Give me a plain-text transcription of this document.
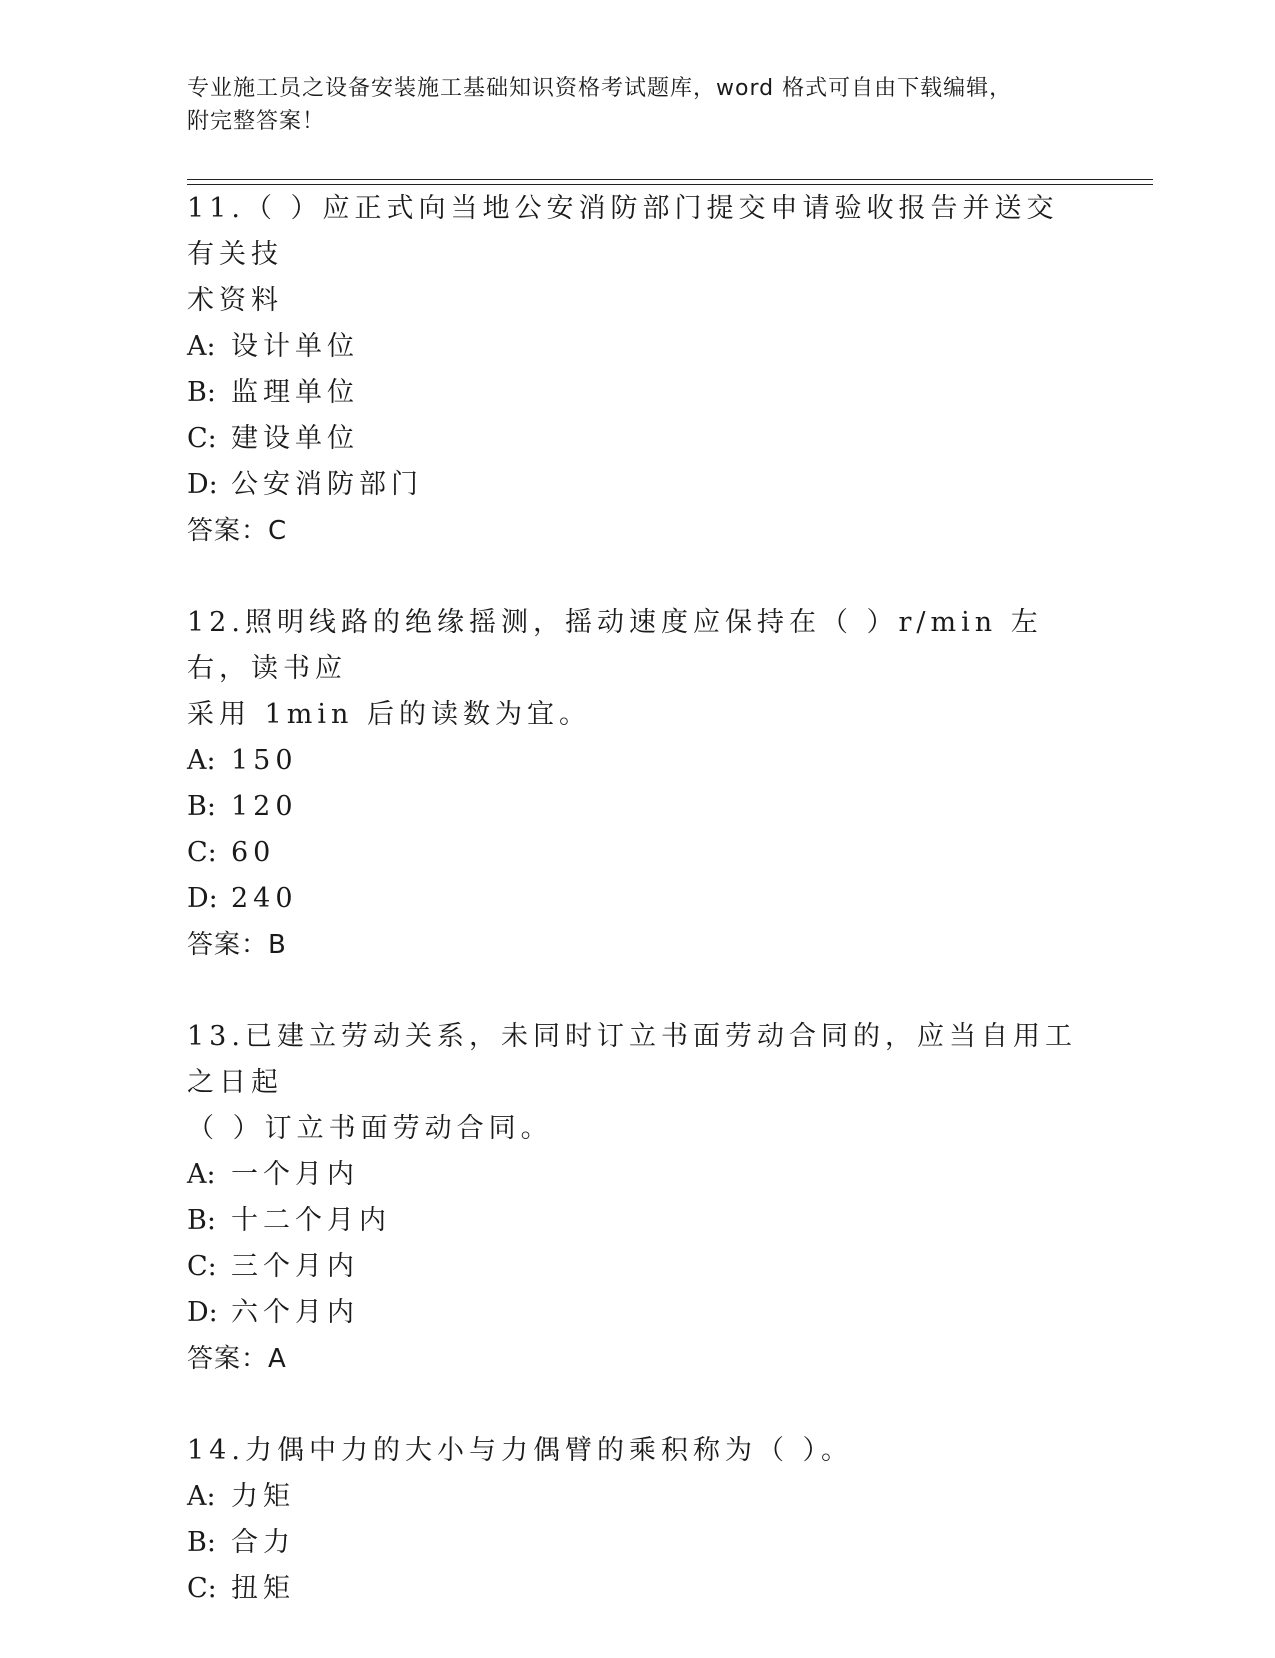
专业施工员之设备安装施工基础知识资格考试题库，word 格式可自由下载编辑，
附完整答案！
11.（ ）应正式向当地公安消防部门提交申请验收报告并送交有关技
术资料
A: 设计单位
B: 监理单位
C: 建设单位
D: 公安消防部门
答案：C
12.照明线路的绝缘摇测，摇动速度应保持在（ ）r/min 左右，读书应
采用 1min 后的读数为宜。
A: 150
B: 120
C: 60
D: 240
答案：B
13.已建立劳动关系，未同时订立书面劳动合同的，应当自用工之日起
（ ）订立书面劳动合同。
A: 一个月内
B: 十二个月内
C: 三个月内
D: 六个月内
答案：A
14.力偶中力的大小与力偶臂的乘积称为（ ）。
A: 力矩
B: 合力
C: 扭矩
